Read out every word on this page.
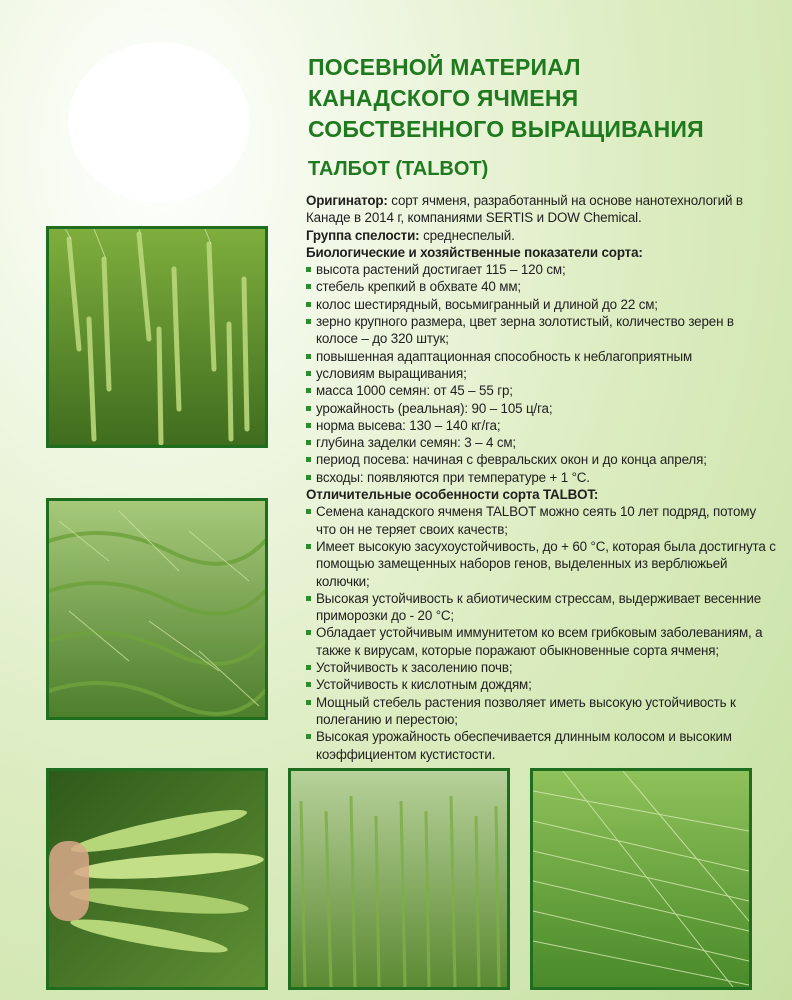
ПОСЕВНОЙ МАТЕРИАЛ
КАНАДСКОГО ЯЧМЕНЯ
СОБСТВЕННОГО ВЫРАЩИВАНИЯ
ТАЛБОТ (TALBOT)

Оригинатор: сорт ячменя, разработанный на основе нанотехнологий в Канаде в 2014 г, компаниями SERTIS и DOW Chemical.

Группа спелости: среднеспелый.

Биологические и хозяйственные показатели сорта:

высота растений достигает 115 – 120 см;
стебель крепкий в обхвате 40 мм;
колос шестирядный, восьмигранный и длиной до 22 см;
зерно крупного размера, цвет зерна золотистый, количество зерен в колосе – до 320 штук;
повышенная адаптационная способность к неблагоприятным
условиям выращивания;
масса 1000 семян: от 45 – 55 гр;
урожайность (реальная): 90 – 105 ц/га;
норма высева: 130 – 140 кг/га;
глубина заделки семян: 3 – 4 см;
период посева: начиная с февральских окон и до конца апреля;
всходы: появляются при температуре + 1 °С.

Отличительные особенности сорта TALBOT:

Семена канадского ячменя TALBOT можно сеять 10 лет подряд, потому что он не теряет своих качеств;
Имеет высокую засухоустойчивость, до + 60 °С, которая была достигнута с помощью замещенных наборов генов, выделенных из верблюжьей колючки;
Высокая устойчивость к абиотическим стрессам, выдерживает весенние приморозки до - 20 °С;
Обладает устойчивым иммунитетом ко всем грибковым заболеваниям, а также к вирусам, которые поражают обыкновенные сорта ячменя;
Устойчивость к засолению почв;
Устойчивость к кислотным дождям;
Мощный стебель растения позволяет иметь высокую устойчивость к полеганию и перестою;
Высокая урожайность обеспечивается длинным колосом и высоким коэффициентом кустистости.
